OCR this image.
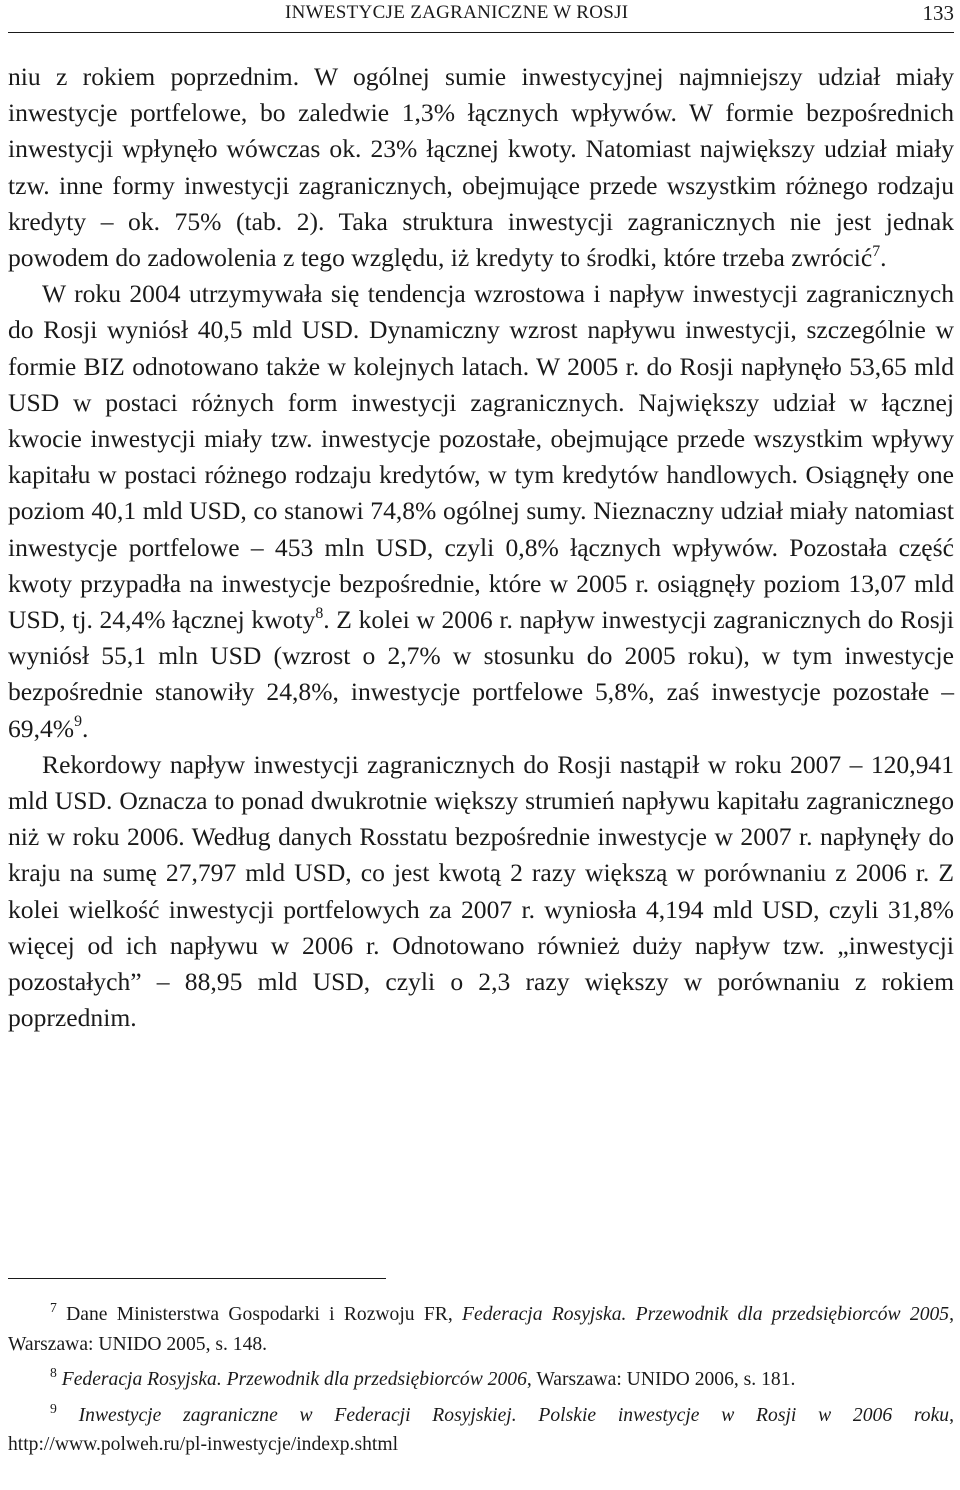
INWESTYCJE ZAGRANICZNE W ROSJI	133

niu z rokiem poprzednim. W ogólnej sumie inwestycyjnej najmniejszy udział miały inwestycje portfelowe, bo zaledwie 1,3% łącznych wpływów. W formie bezpośrednich inwestycji wpłynęło wówczas ok. 23% łącznej kwoty. Natomiast największy udział miały tzw. inne formy inwestycji zagranicznych, obejmujące przede wszystkim różnego rodzaju kredyty – ok. 75% (tab. 2). Taka struktura inwestycji zagranicznych nie jest jednak powodem do zadowolenia z tego względu, iż kredyty to środki, które trzeba zwrócić$^7$.

W roku 2004 utrzymywała się tendencja wzrostowa i napływ inwestycji zagranicznych do Rosji wyniósł 40,5 mld USD. Dynamiczny wzrost napływu inwestycji, szczególnie w formie BIZ odnotowano także w kolejnych latach. W 2005 r. do Rosji napłynęło 53,65 mld USD w postaci różnych form inwestycji zagranicznych. Największy udział w łącznej kwocie inwestycji miały tzw. inwestycje pozostałe, obejmujące przede wszystkim wpływy kapitału w postaci różnego rodzaju kredytów, w tym kredytów handlowych. Osiągnęły one poziom 40,1 mld USD, co stanowi 74,8% ogólnej sumy. Nieznaczny udział miały natomiast inwestycje portfelowe – 453 mln USD, czyli 0,8% łącznych wpływów. Pozostała część kwoty przypadła na inwestycje bezpośrednie, które w 2005 r. osiągnęły poziom 13,07 mld USD, tj. 24,4% łącznej kwoty$^8$. Z kolei w 2006 r. napływ inwestycji zagranicznych do Rosji wyniósł 55,1 mln USD (wzrost o 2,7% w stosunku do 2005 roku), w tym inwestycje bezpośrednie stanowiły 24,8%, inwestycje portfelowe 5,8%, zaś inwestycje pozostałe – 69,4%$^9$.

Rekordowy napływ inwestycji zagranicznych do Rosji nastąpił w roku 2007 – 120,941 mld USD. Oznacza to ponad dwukrotnie większy strumień napływu kapitału zagranicznego niż w roku 2006. Według danych Rosstatu bezpośrednie inwestycje w 2007 r. napłynęły do kraju na sumę 27,797 mld USD, co jest kwotą 2 razy większą w porównaniu z 2006 r. Z kolei wielkość inwestycji portfelowych za 2007 r. wyniosła 4,194 mld USD, czyli 31,8% więcej od ich napływu w 2006 r. Odnotowano również duży napływ tzw. „inwestycji pozostałych” – 88,95 mld USD, czyli o 2,3 razy większy w porównaniu z rokiem poprzednim.

$^7$ Dane Ministerstwa Gospodarki i Rozwoju FR, Federacja Rosyjska. Przewodnik dla przedsiębiorców 2005, Warszawa: UNIDO 2005, s. 148.

$^8$ Federacja Rosyjska. Przewodnik dla przedsiębiorców 2006, Warszawa: UNIDO 2006, s. 181.

$^9$ Inwestycje zagraniczne w Federacji Rosyjskiej. Polskie inwestycje w Rosji w 2006 roku, http://www.polweh.ru/pl-inwestycje/indexp.shtml
